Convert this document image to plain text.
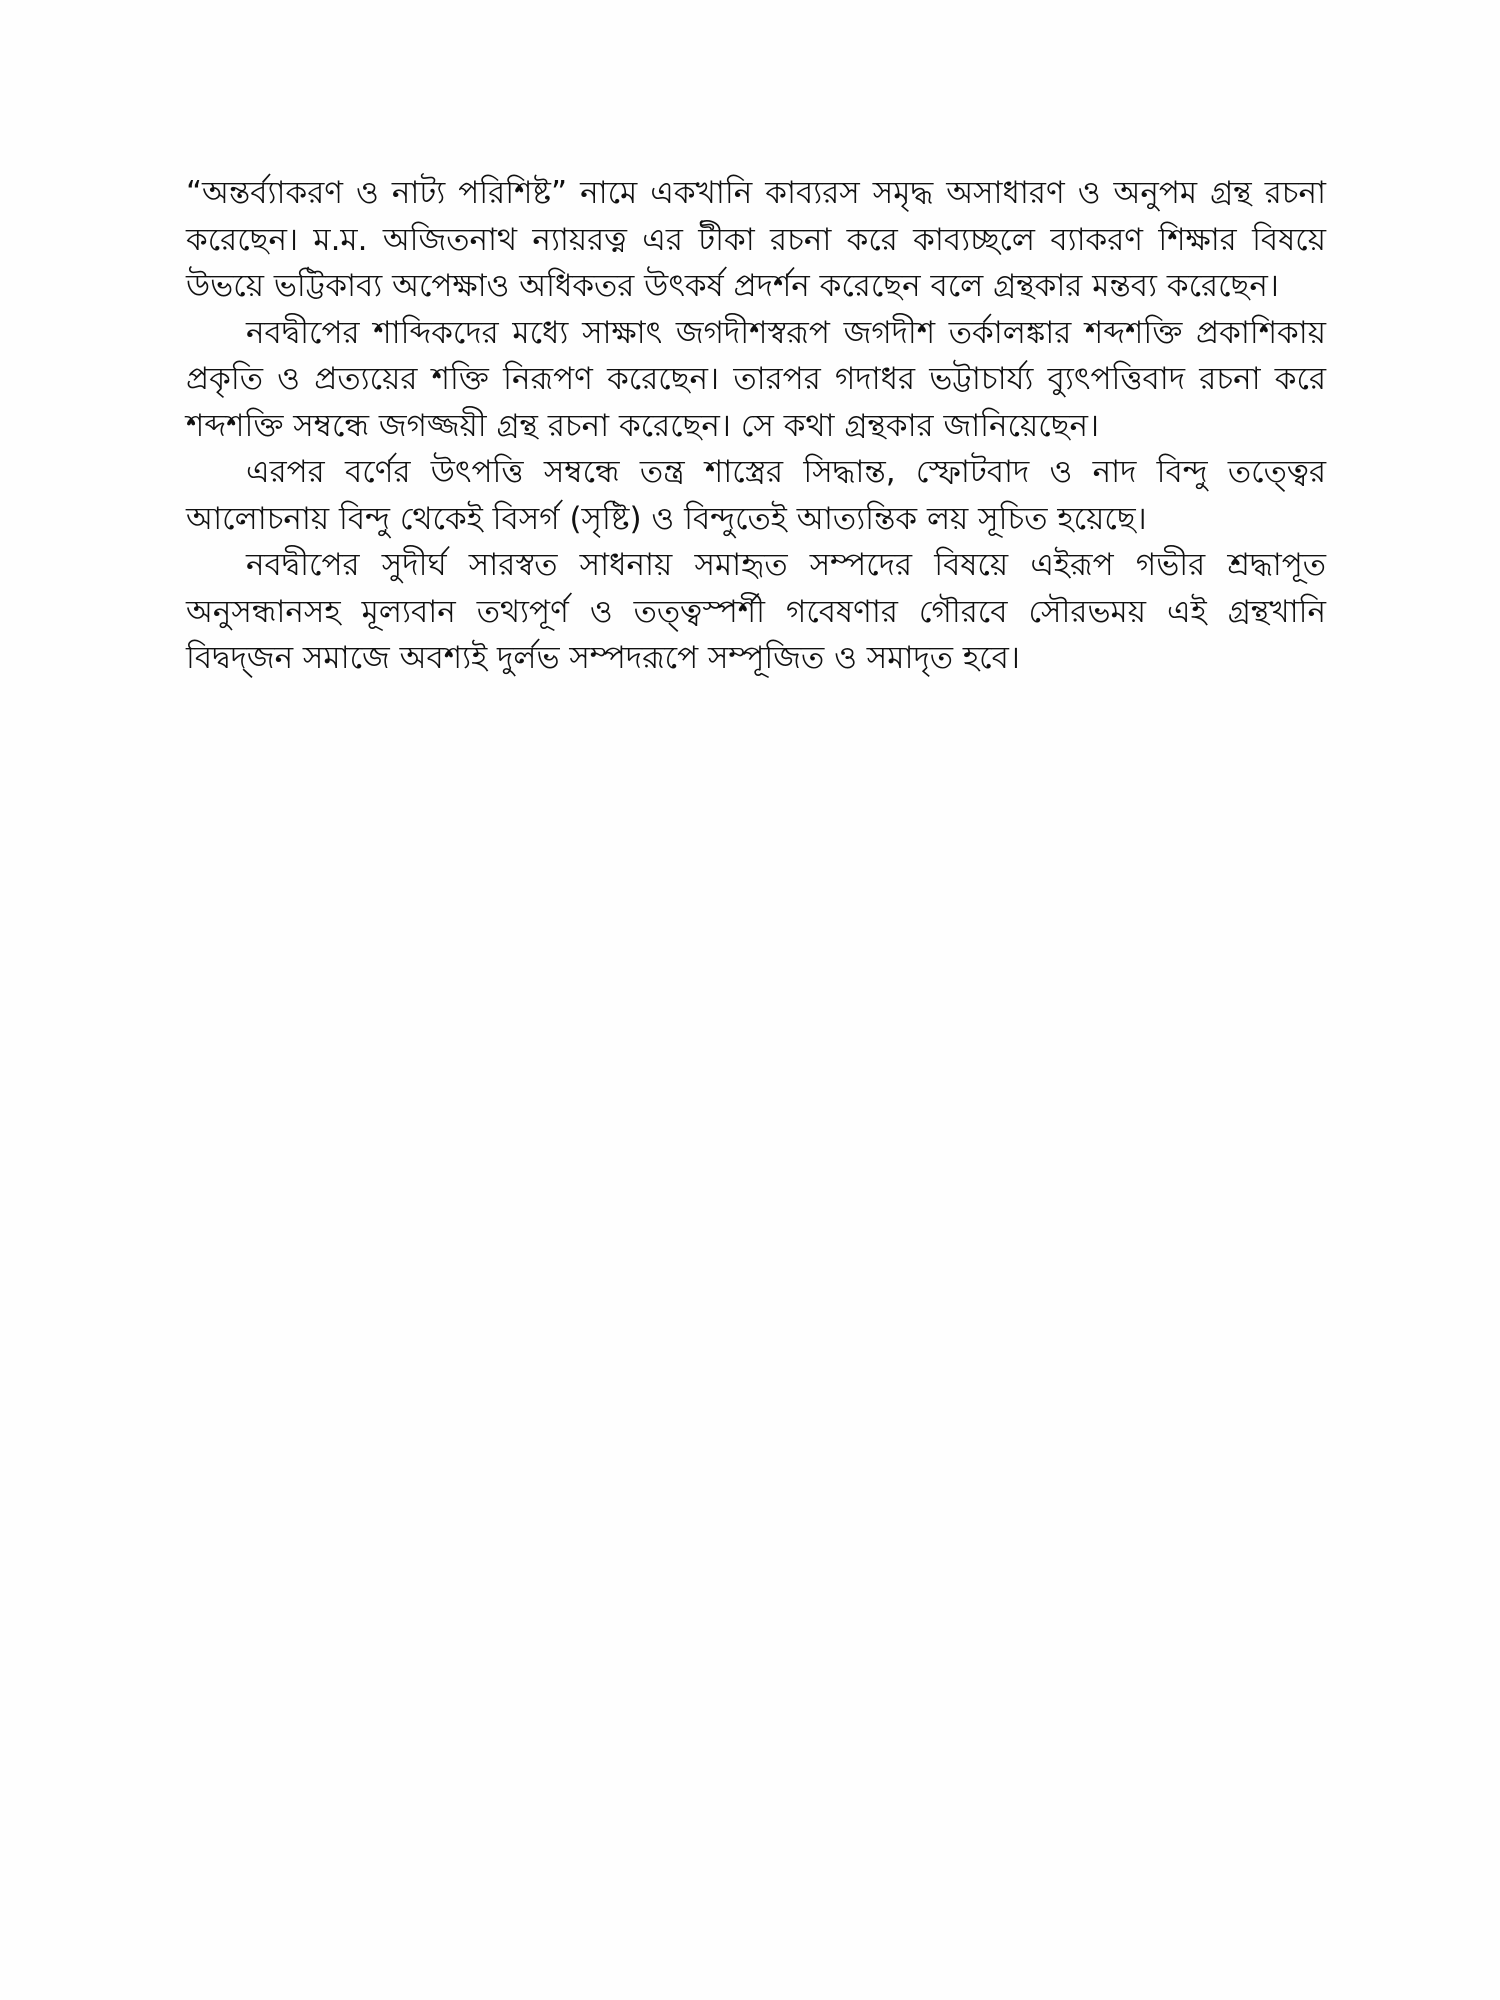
“অন্তর্ব্যাকরণ ও নাট্য পরিশিষ্ট” নামে একখানি কাব্যরস সমৃদ্ধ অসাধারণ ও অনুপম গ্রন্থ রচনা করেছেন। ম.ম. অজিতনাথ ন্যায়রত্ন এর টীকা রচনা করে কাব্যচ্ছলে ব্যাকরণ শিক্ষার বিষয়ে উভয়ে ভট্টিকাব্য অপেক্ষাও অধিকতর উৎকর্ষ প্রদর্শন করেছেন বলে গ্রন্থকার মন্তব্য করেছেন।

নবদ্বীপের শাব্দিকদের মধ্যে সাক্ষাৎ জগদীশস্বরূপ জগদীশ তর্কালঙ্কার শব্দশক্তি প্রকাশিকায় প্রকৃতি ও প্রত্যয়ের শক্তি নিরূপণ করেছেন। তারপর গদাধর ভট্টাচার্য্য ব্যুৎপত্তিবাদ রচনা করে শব্দশক্তি সম্বন্ধে জগজ্জয়ী গ্রন্থ রচনা করেছেন। সে কথা গ্রন্থকার জানিয়েছেন।

এরপর বর্ণের উৎপত্তি সম্বন্ধে তন্ত্র শাস্ত্রের সিদ্ধান্ত, স্ফোটবাদ ও নাদ বিন্দু তত্ত্বের আলোচনায় বিন্দু থেকেই বিসর্গ (সৃষ্টি) ও বিন্দুতেই আত্যন্তিক লয় সূচিত হয়েছে।

নবদ্বীপের সুদীর্ঘ সারস্বত সাধনায় সমাহৃত সম্পদের বিষয়ে এইরূপ গভীর শ্রদ্ধাপূত অনুসন্ধানসহ মূল্যবান তথ্যপূর্ণ ও তত্ত্বস্পর্শী গবেষণার গৌরবে সৌরভময় এই গ্রন্থখানি বিদ্বদ্জন সমাজে অবশ্যই দুর্লভ সম্পদরূপে সম্পূজিত ও সমাদৃত হবে।
